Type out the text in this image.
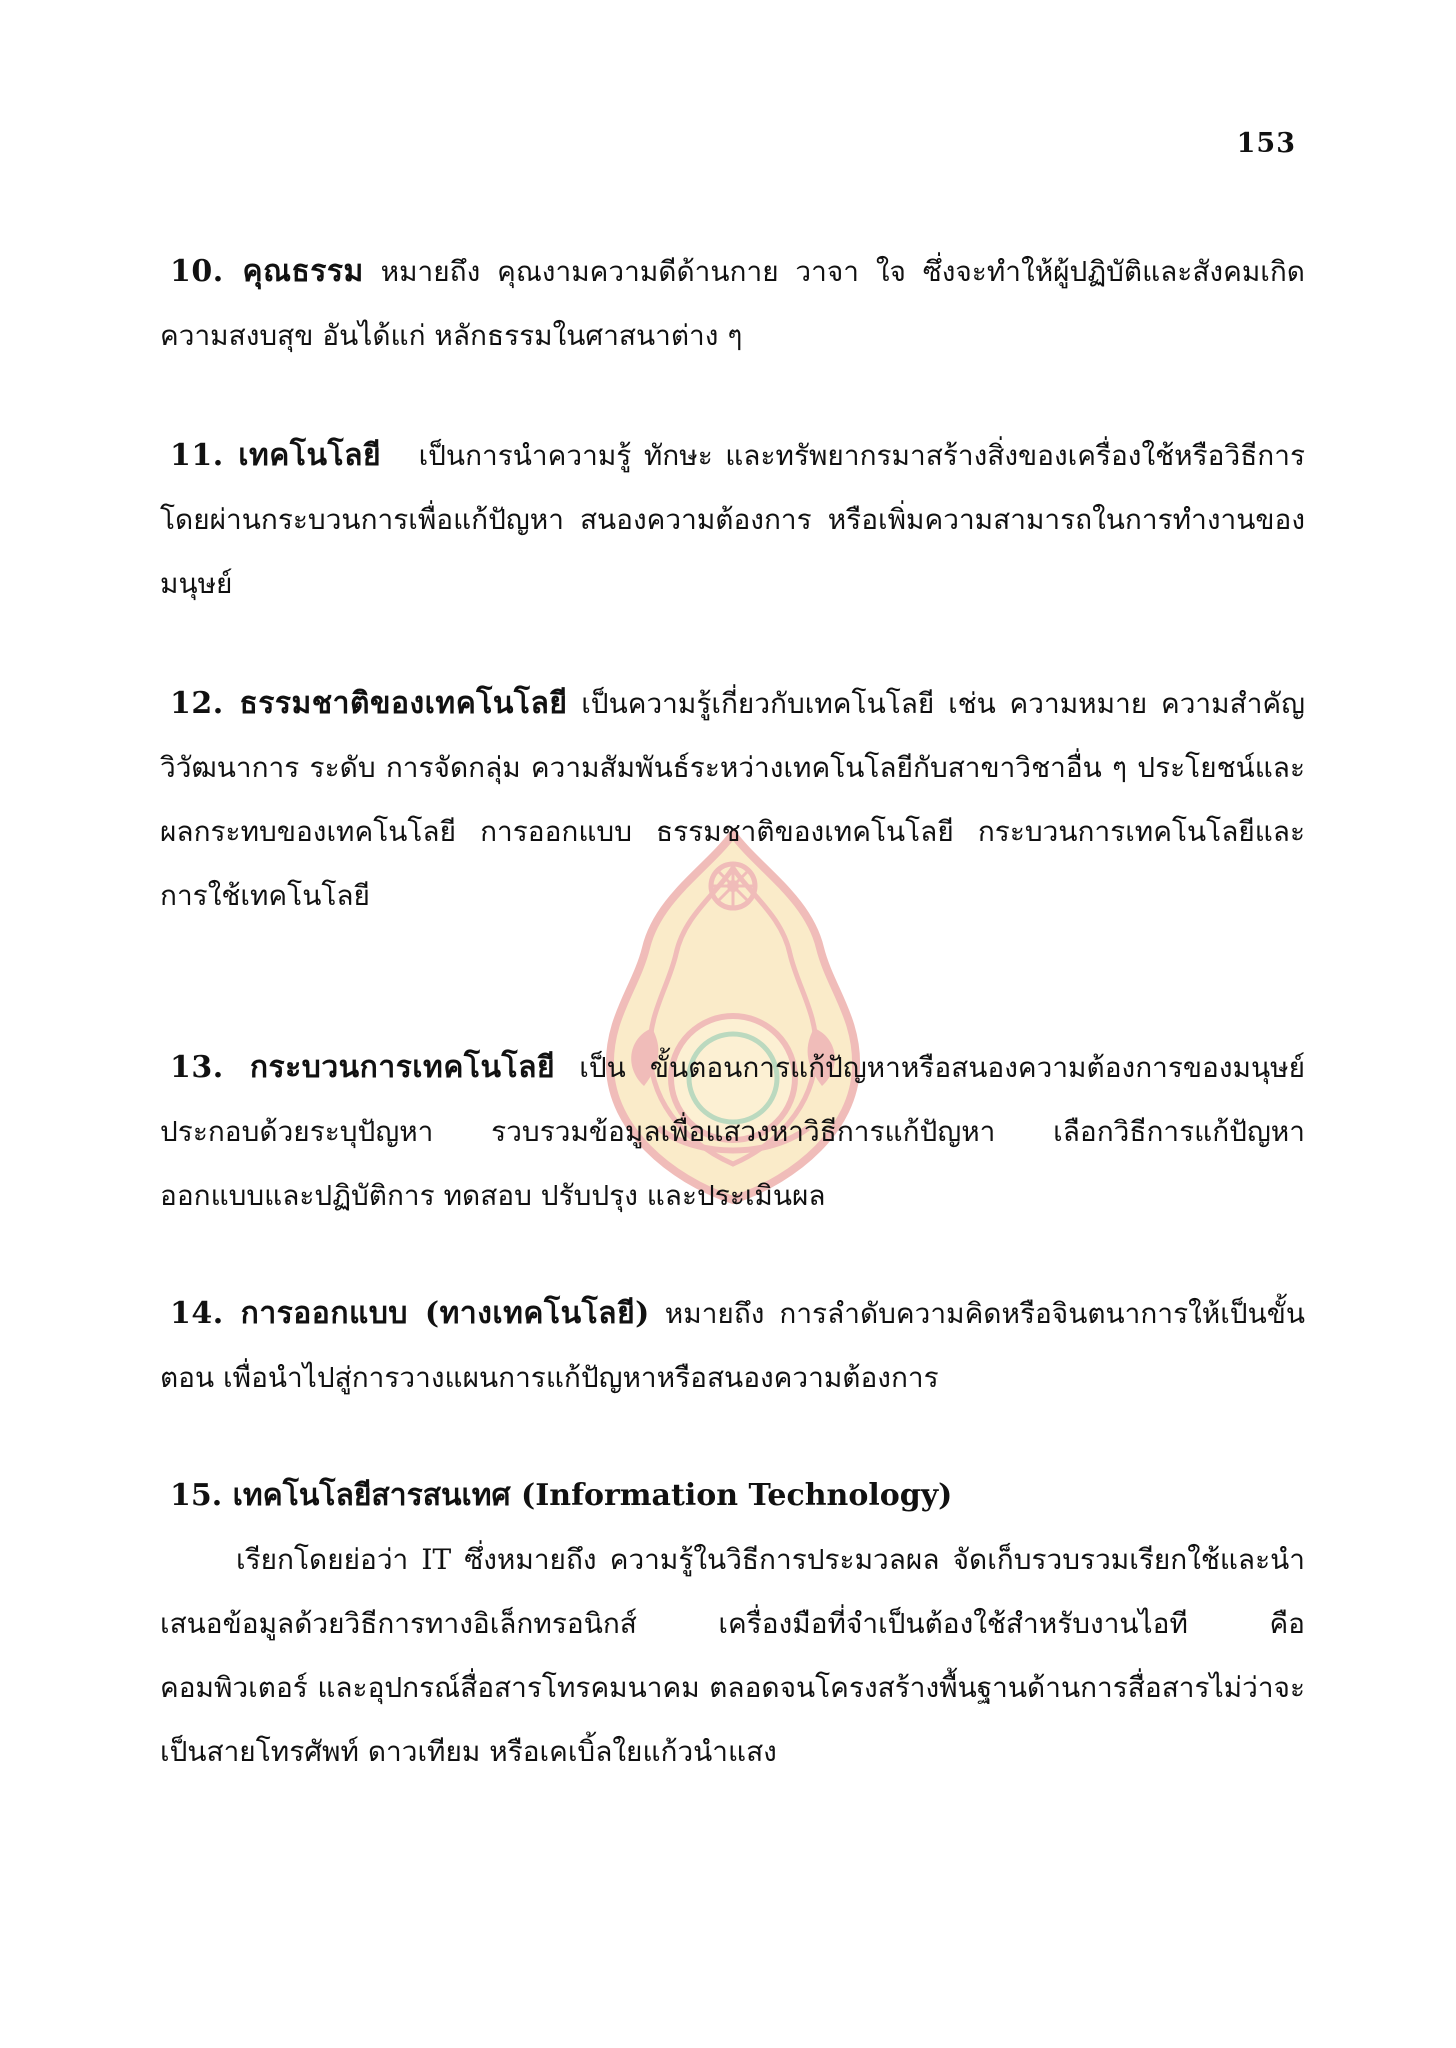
153
10. คุณธรรม หมายถึง คุณงามความดีด้านกาย วาจา ใจ ซึ่งจะทำให้ผู้ปฏิบัติและสังคมเกิดความสงบสุข อันได้แก่ หลักธรรมในศาสนาต่าง ๆ
11. เทคโนโลยี เป็นการนำความรู้ ทักษะ และทรัพยากรมาสร้างสิ่งของเครื่องใช้หรือวิธีการ โดยผ่านกระบวนการเพื่อแก้ปัญหา สนองความต้องการ หรือเพิ่มความสามารถในการทำงานของมนุษย์
12. ธรรมชาติของเทคโนโลยี เป็นความรู้เกี่ยวกับเทคโนโลยี เช่น ความหมาย ความสำคัญ วิวัฒนาการ ระดับ การจัดกลุ่ม ความสัมพันธ์ระหว่างเทคโนโลยีกับสาขาวิชาอื่น ๆ ประโยชน์และผลกระทบของเทคโนโลยี การออกแบบ ธรรมชาติของเทคโนโลยี กระบวนการเทคโนโลยีและการใช้เทคโนโลยี
13. กระบวนการเทคโนโลยี เป็น ขั้นตอนการแก้ปัญหาหรือสนองความต้องการของมนุษย์ประกอบด้วยระบุปัญหา รวบรวมข้อมูลเพื่อแสวงหาวิธีการแก้ปัญหา เลือกวิธีการแก้ปัญหาออกแบบและปฏิบัติการ ทดสอบ ปรับปรุง และประเมินผล
14. การออกแบบ (ทางเทคโนโลยี) หมายถึง การลำดับความคิดหรือจินตนาการให้เป็นขั้นตอน เพื่อนำไปสู่การวางแผนการแก้ปัญหาหรือสนองความต้องการ
15. เทคโนโลยีสารสนเทศ (Information Technology)
เรียกโดยย่อว่า IT ซึ่งหมายถึง ความรู้ในวิธีการประมวลผล จัดเก็บรวบรวมเรียกใช้และนำเสนอข้อมูลด้วยวิธีการทางอิเล็กทรอนิกส์ เครื่องมือที่จำเป็นต้องใช้สำหรับงานไอที คือ คอมพิวเตอร์ และอุปกรณ์สื่อสารโทรคมนาคม ตลอดจนโครงสร้างพื้นฐานด้านการสื่อสารไม่ว่าจะเป็นสายโทรศัพท์ ดาวเทียม หรือเคเบิ้ลใยแก้วนำแสง
